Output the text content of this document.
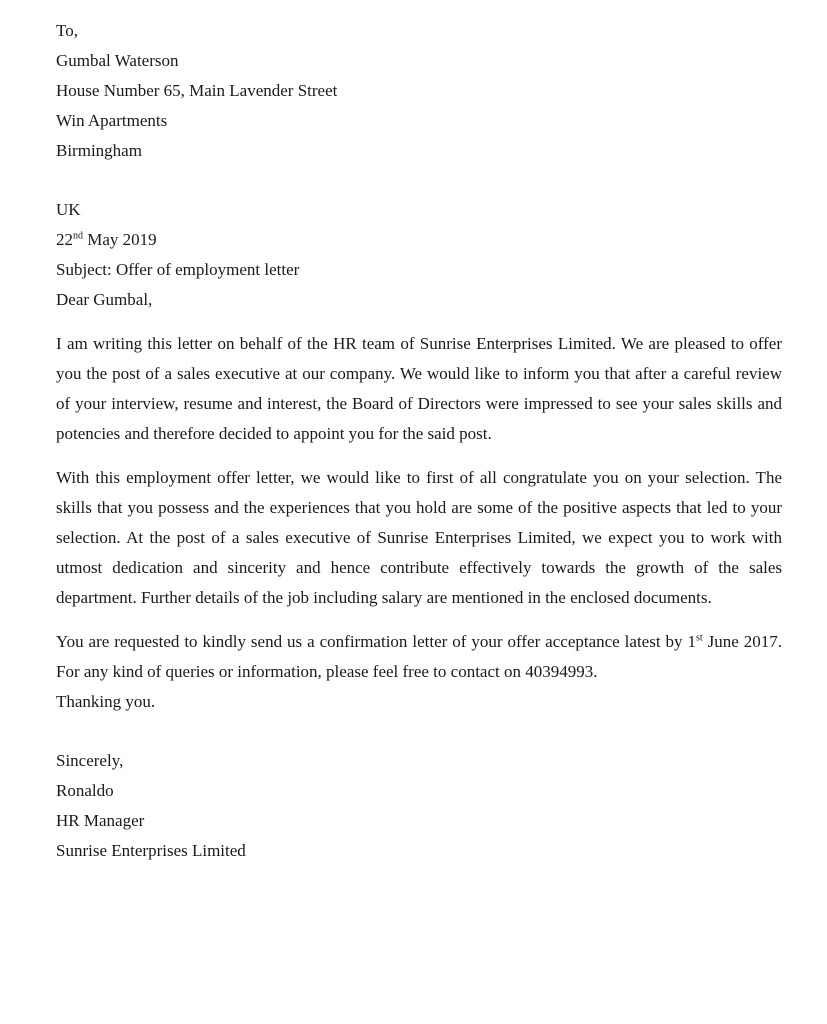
To,
Gumbal Waterson
House Number 65, Main Lavender Street
Win Apartments
Birmingham
UK
22nd May 2019
Subject: Offer of employment letter
Dear Gumbal,

I am writing this letter on behalf of the HR team of Sunrise Enterprises Limited. We are pleased to offer you the post of a sales executive at our company. We would like to inform you that after a careful review of your interview, resume and interest, the Board of Directors were impressed to see your sales skills and potencies and therefore decided to appoint you for the said post.

With this employment offer letter, we would like to first of all congratulate you on your selection. The skills that you possess and the experiences that you hold are some of the positive aspects that led to your selection. At the post of a sales executive of Sunrise Enterprises Limited, we expect you to work with utmost dedication and sincerity and hence contribute effectively towards the growth of the sales department. Further details of the job including salary are mentioned in the enclosed documents.

You are requested to kindly send us a confirmation letter of your offer acceptance latest by 1st June 2017. For any kind of queries or information, please feel free to contact on 40394993.

Thanking you.
Sincerely,
Ronaldo
HR Manager
Sunrise Enterprises Limited
